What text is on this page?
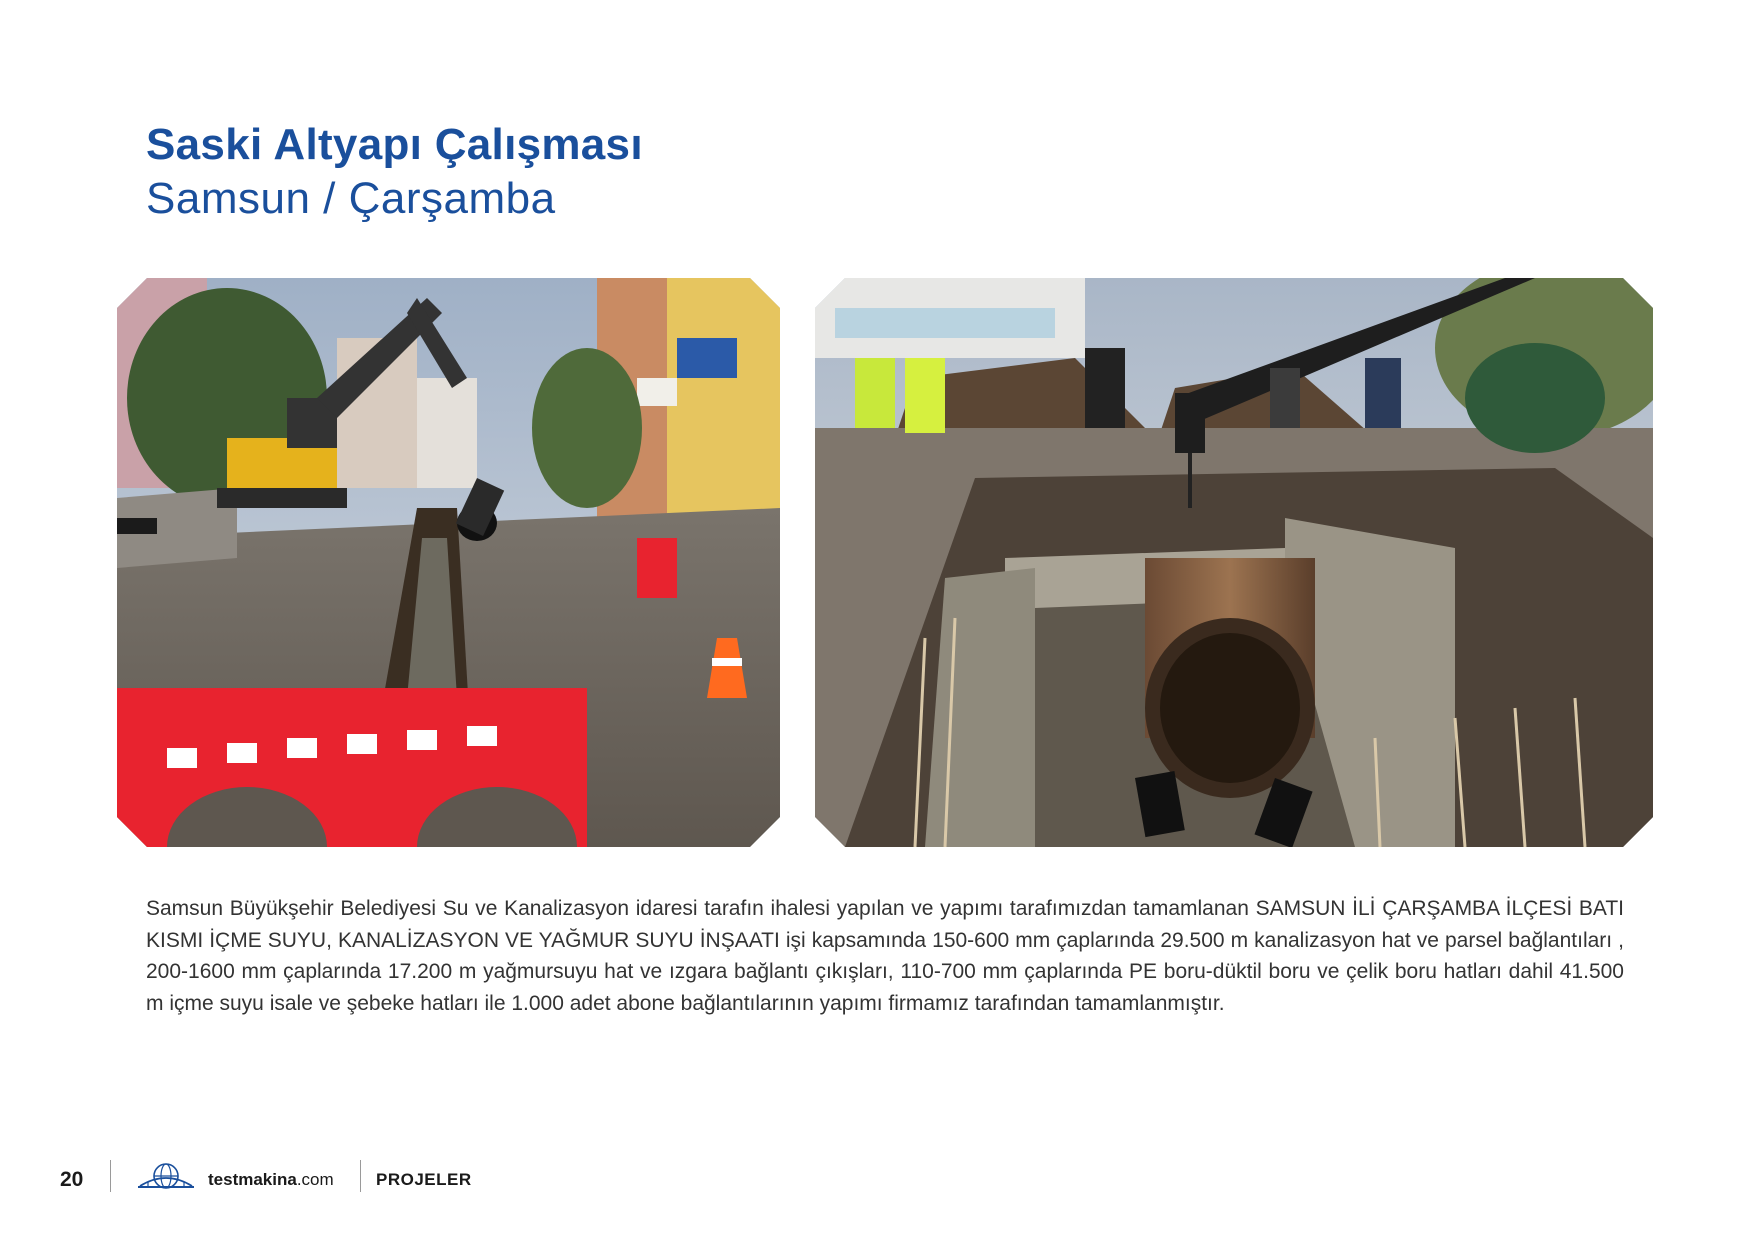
Saski Altyapı Çalışması
Samsun / Çarşamba

Samsun Büyükşehir Belediyesi Su ve Kanalizasyon idaresi tarafın ihalesi yapılan ve yapımı tarafımızdan tamamlanan SAMSUN İLİ ÇARŞAMBA İLÇESİ BATI KISMI İÇME SUYU, KANALİZASYON VE YAĞMUR SUYU İNŞAATI işi kapsamında 150-600 mm çaplarında 29.500 m kanalizasyon hat ve parsel bağlantıları , 200-1600 mm çaplarında 17.200 m yağmursuyu hat ve ızgara bağlantı çıkışları, 110-700 mm çaplarında PE boru-düktil boru ve çelik boru hatları dahil 41.500 m içme suyu isale ve şebeke hatları ile 1.000 adet abone bağlantılarının yapımı firmamız tarafından tamamlanmıştır.

20	testmakina.com PROJELER
